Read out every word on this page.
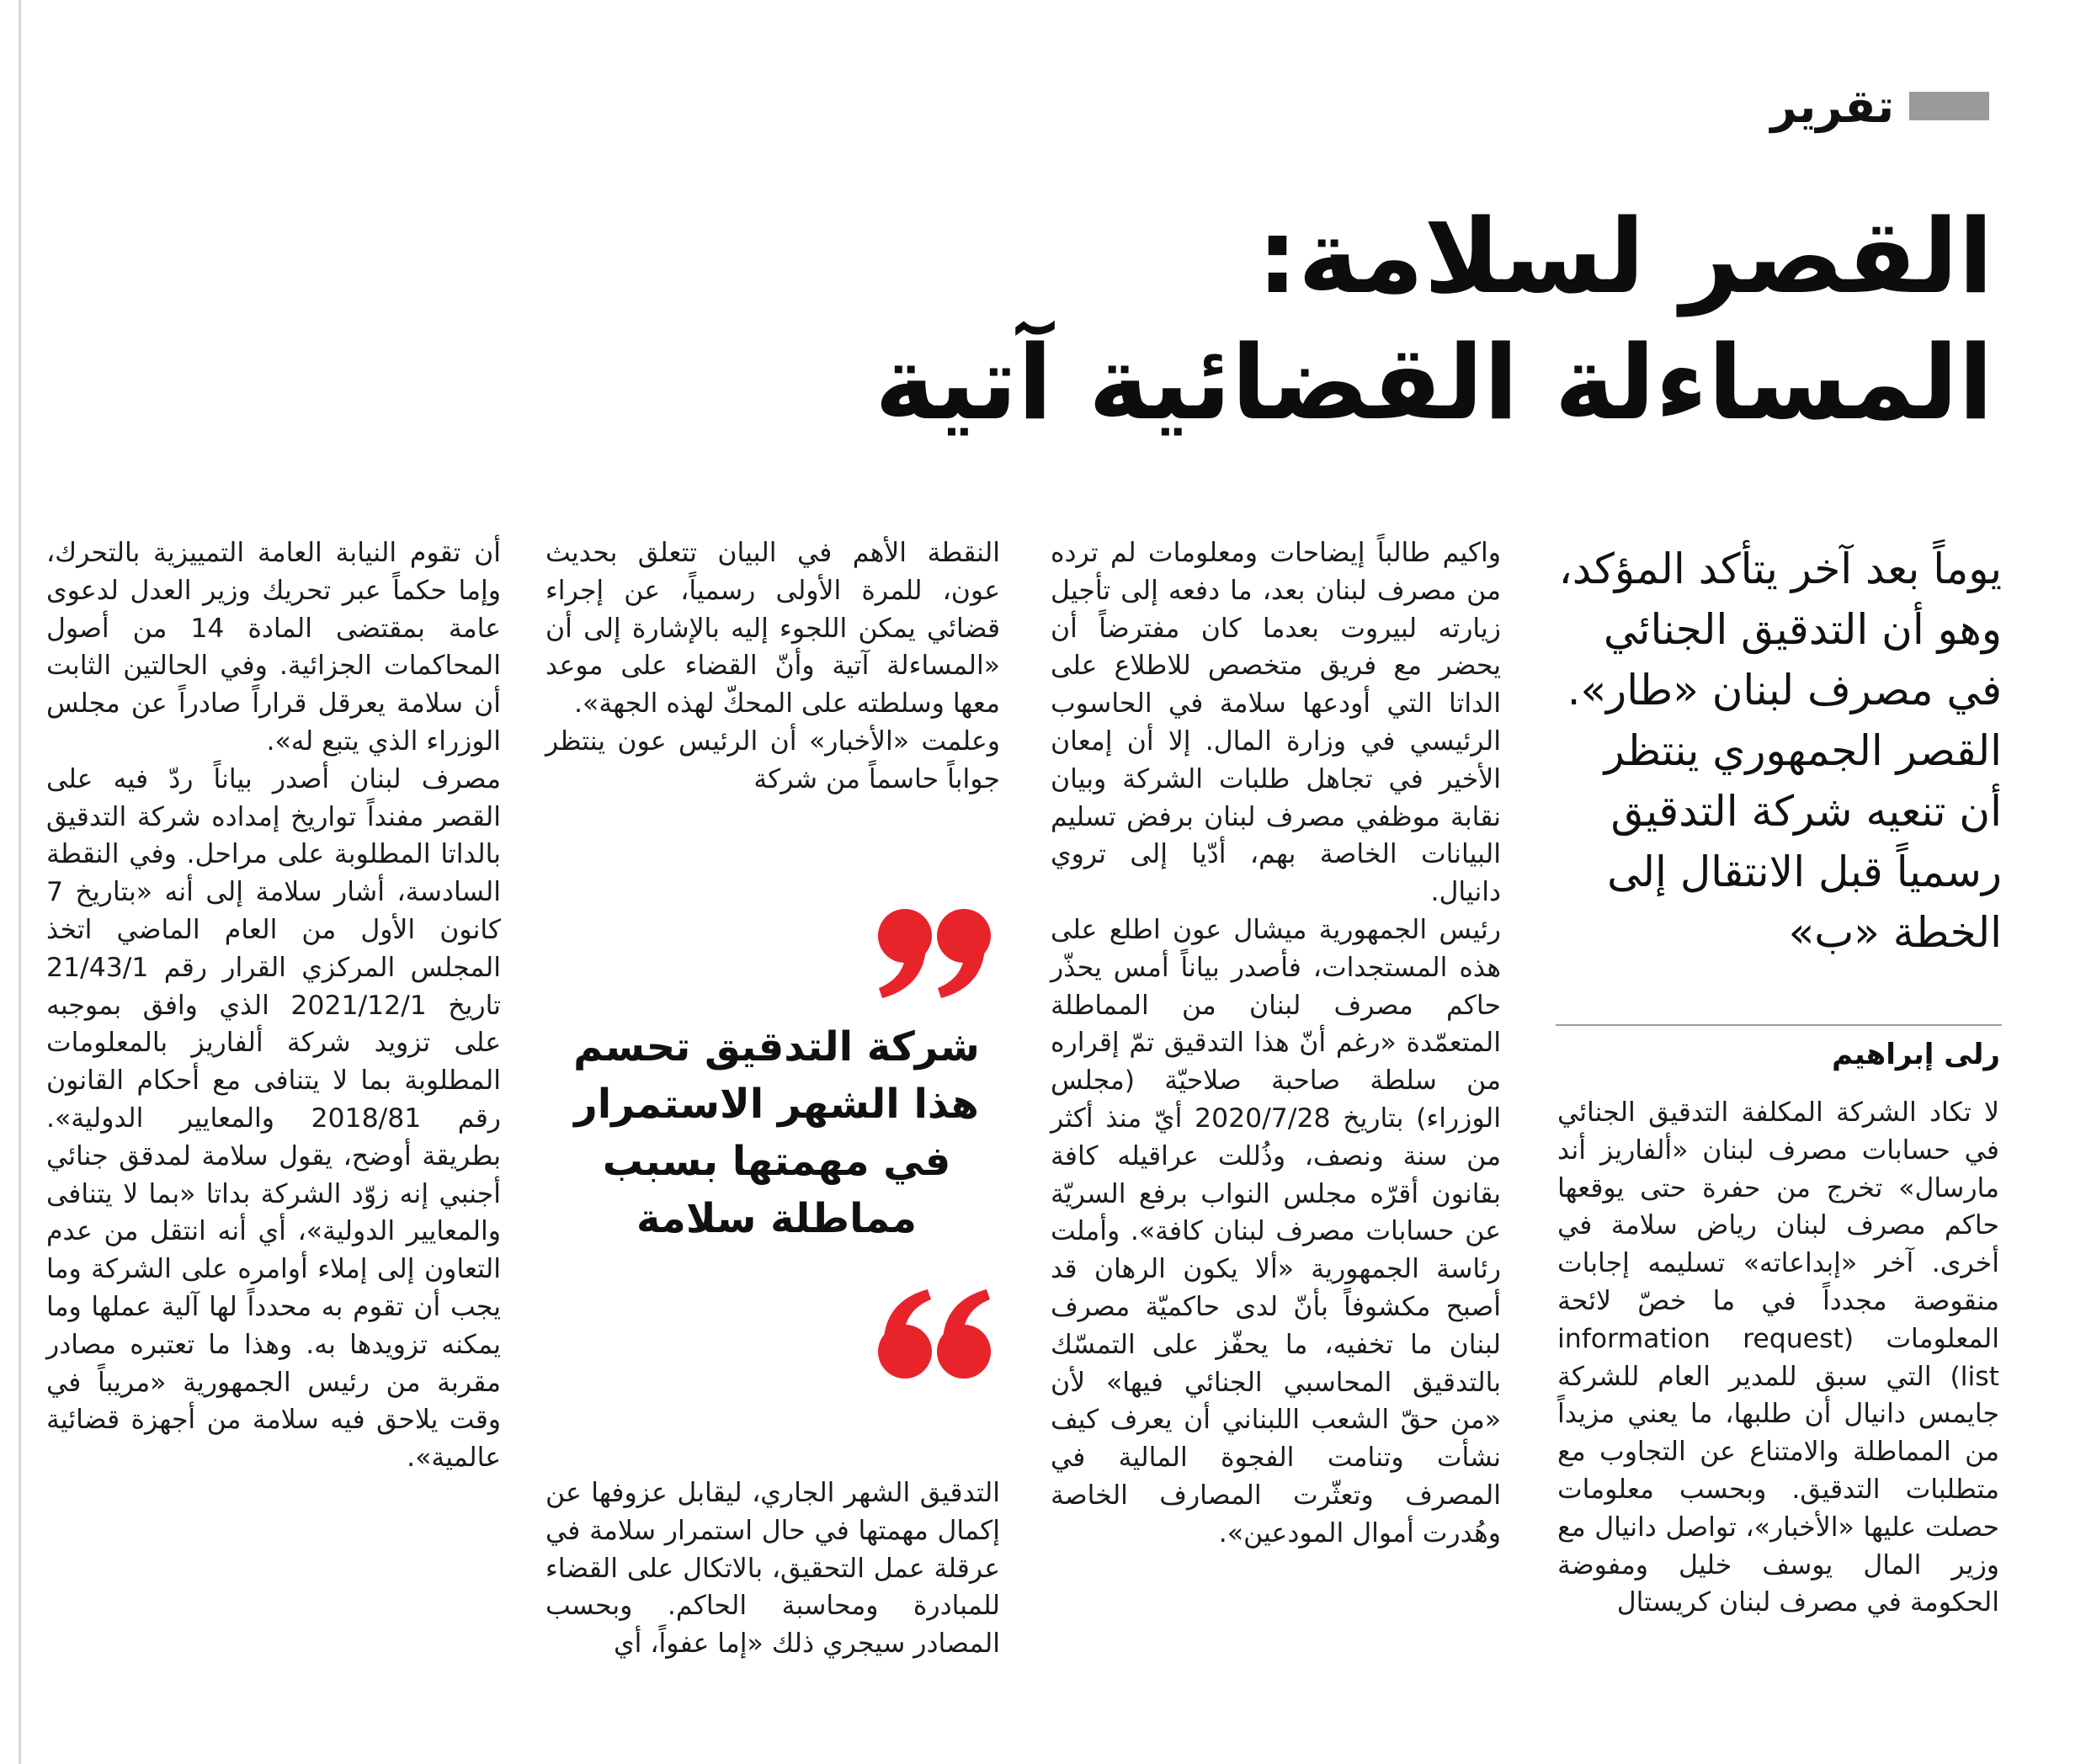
تقرير
القصر لسلامة:
المساءلة القضائية آتية

يوماً بعد آخر يتأكد المؤكد، وهو أن التدقيق الجنائي في مصرف لبنان «طار». القصر الجمهوري ينتظر أن تنعيه شركة التدقيق رسمياً قبل الانتقال إلى الخطة «ب»

رلى إبراهيم

لا تكاد الشركة المكلفة التدقيق الجنائي في حسابات مصرف لبنان «ألفاريز أند مارسال» تخرج من حفرة حتى يوقعها حاكم مصرف لبنان رياض سلامة في أخرى. آخر «إبداعاته» تسليمه إجابات منقوصة مجدداً في ما خصّ لائحة المعلومات (information request list) التي سبق للمدير العام للشركة جايمس دانيال أن طلبها، ما يعني مزيداً من المماطلة والامتناع عن التجاوب مع متطلبات التدقيق. وبحسب معلومات حصلت عليها «الأخبار»، تواصل دانيال مع وزير المال يوسف خليل ومفوضة الحكومة في مصرف لبنان كريستال

واكيم طالباً إيضاحات ومعلومات لم ترده من مصرف لبنان بعد، ما دفعه إلى تأجيل زيارته لبيروت بعدما كان مفترضاً أن يحضر مع فريق متخصص للاطلاع على الداتا التي أودعها سلامة في الحاسوب الرئيسي في وزارة المال. إلا أن إمعان الأخير في تجاهل طلبات الشركة وبيان نقابة موظفي مصرف لبنان برفض تسليم البيانات الخاصة بهم، أدّيا إلى تروي دانيال.

رئيس الجمهورية ميشال عون اطلع على هذه المستجدات، فأصدر بياناً أمس يحذّر حاكم مصرف لبنان من المماطلة المتعمّدة «رغم أنّ هذا التدقيق تمّ إقراره من سلطة صاحبة صلاحيّة (مجلس الوزراء) بتاريخ 2020/7/28 أيّ منذ أكثر من سنة ونصف، وذُللت عراقيله كافة بقانون أقرّه مجلس النواب برفع السريّة عن حسابات مصرف لبنان كافة». وأملت رئاسة الجمهورية «ألا يكون الرهان قد أصبح مكشوفاً بأنّ لدى حاكميّة مصرف لبنان ما تخفيه، ما يحفّز على التمسّك بالتدقيق المحاسبي الجنائي فيها» لأن «من حقّ الشعب اللبناني أن يعرف كيف نشأت وتنامت الفجوة المالية في المصرف وتعثّرت المصارف الخاصة وهُدرت أموال المودعين».

النقطة الأهم في البيان تتعلق بحديث عون، للمرة الأولى رسمياً، عن إجراء قضائي يمكن اللجوء إليه بالإشارة إلى أن «المساءلة آتية وأنّ القضاء على موعد معها وسلطته على المحكّ لهذه الجهة».

وعلمت «الأخبار» أن الرئيس عون ينتظر جواباً حاسماً من شركة

شركة التدقيق تحسم هذا الشهر الاستمرار في مهمتها بسبب مماطلة سلامة

التدقيق الشهر الجاري، ليقابل عزوفها عن إكمال مهمتها في حال استمرار سلامة في عرقلة عمل التحقيق، بالاتكال على القضاء للمبادرة ومحاسبة الحاكم. وبحسب المصادر سيجري ذلك «إما عفواً، أي

أن تقوم النيابة العامة التمييزية بالتحرك، وإما حكماً عبر تحريك وزير العدل لدعوى عامة بمقتضى المادة 14 من أصول المحاكمات الجزائية. وفي الحالتين الثابت أن سلامة يعرقل قراراً صادراً عن مجلس الوزراء الذي يتبع له».

مصرف لبنان أصدر بياناً ردّ فيه على القصر مفنداً تواريخ إمداده شركة التدقيق بالداتا المطلوبة على مراحل. وفي النقطة السادسة، أشار سلامة إلى أنه «بتاريخ 7 كانون الأول من العام الماضي اتخذ المجلس المركزي القرار رقم 21/43/1 تاريخ 2021/12/1 الذي وافق بموجبه على تزويد شركة ألفاريز بالمعلومات المطلوبة بما لا يتنافى مع أحكام القانون رقم 2018/81 والمعايير الدولية». بطريقة أوضح، يقول سلامة لمدقق جنائي أجنبي إنه زوّد الشركة بداتا «بما لا يتنافى والمعايير الدولية»، أي أنه انتقل من عدم التعاون إلى إملاء أوامره على الشركة وما يجب أن تقوم به محدداً لها آلية عملها وما يمكنه تزويدها به. وهذا ما تعتبره مصادر مقربة من رئيس الجمهورية «مريباً في وقت يلاحق فيه سلامة من أجهزة قضائية عالمية».
